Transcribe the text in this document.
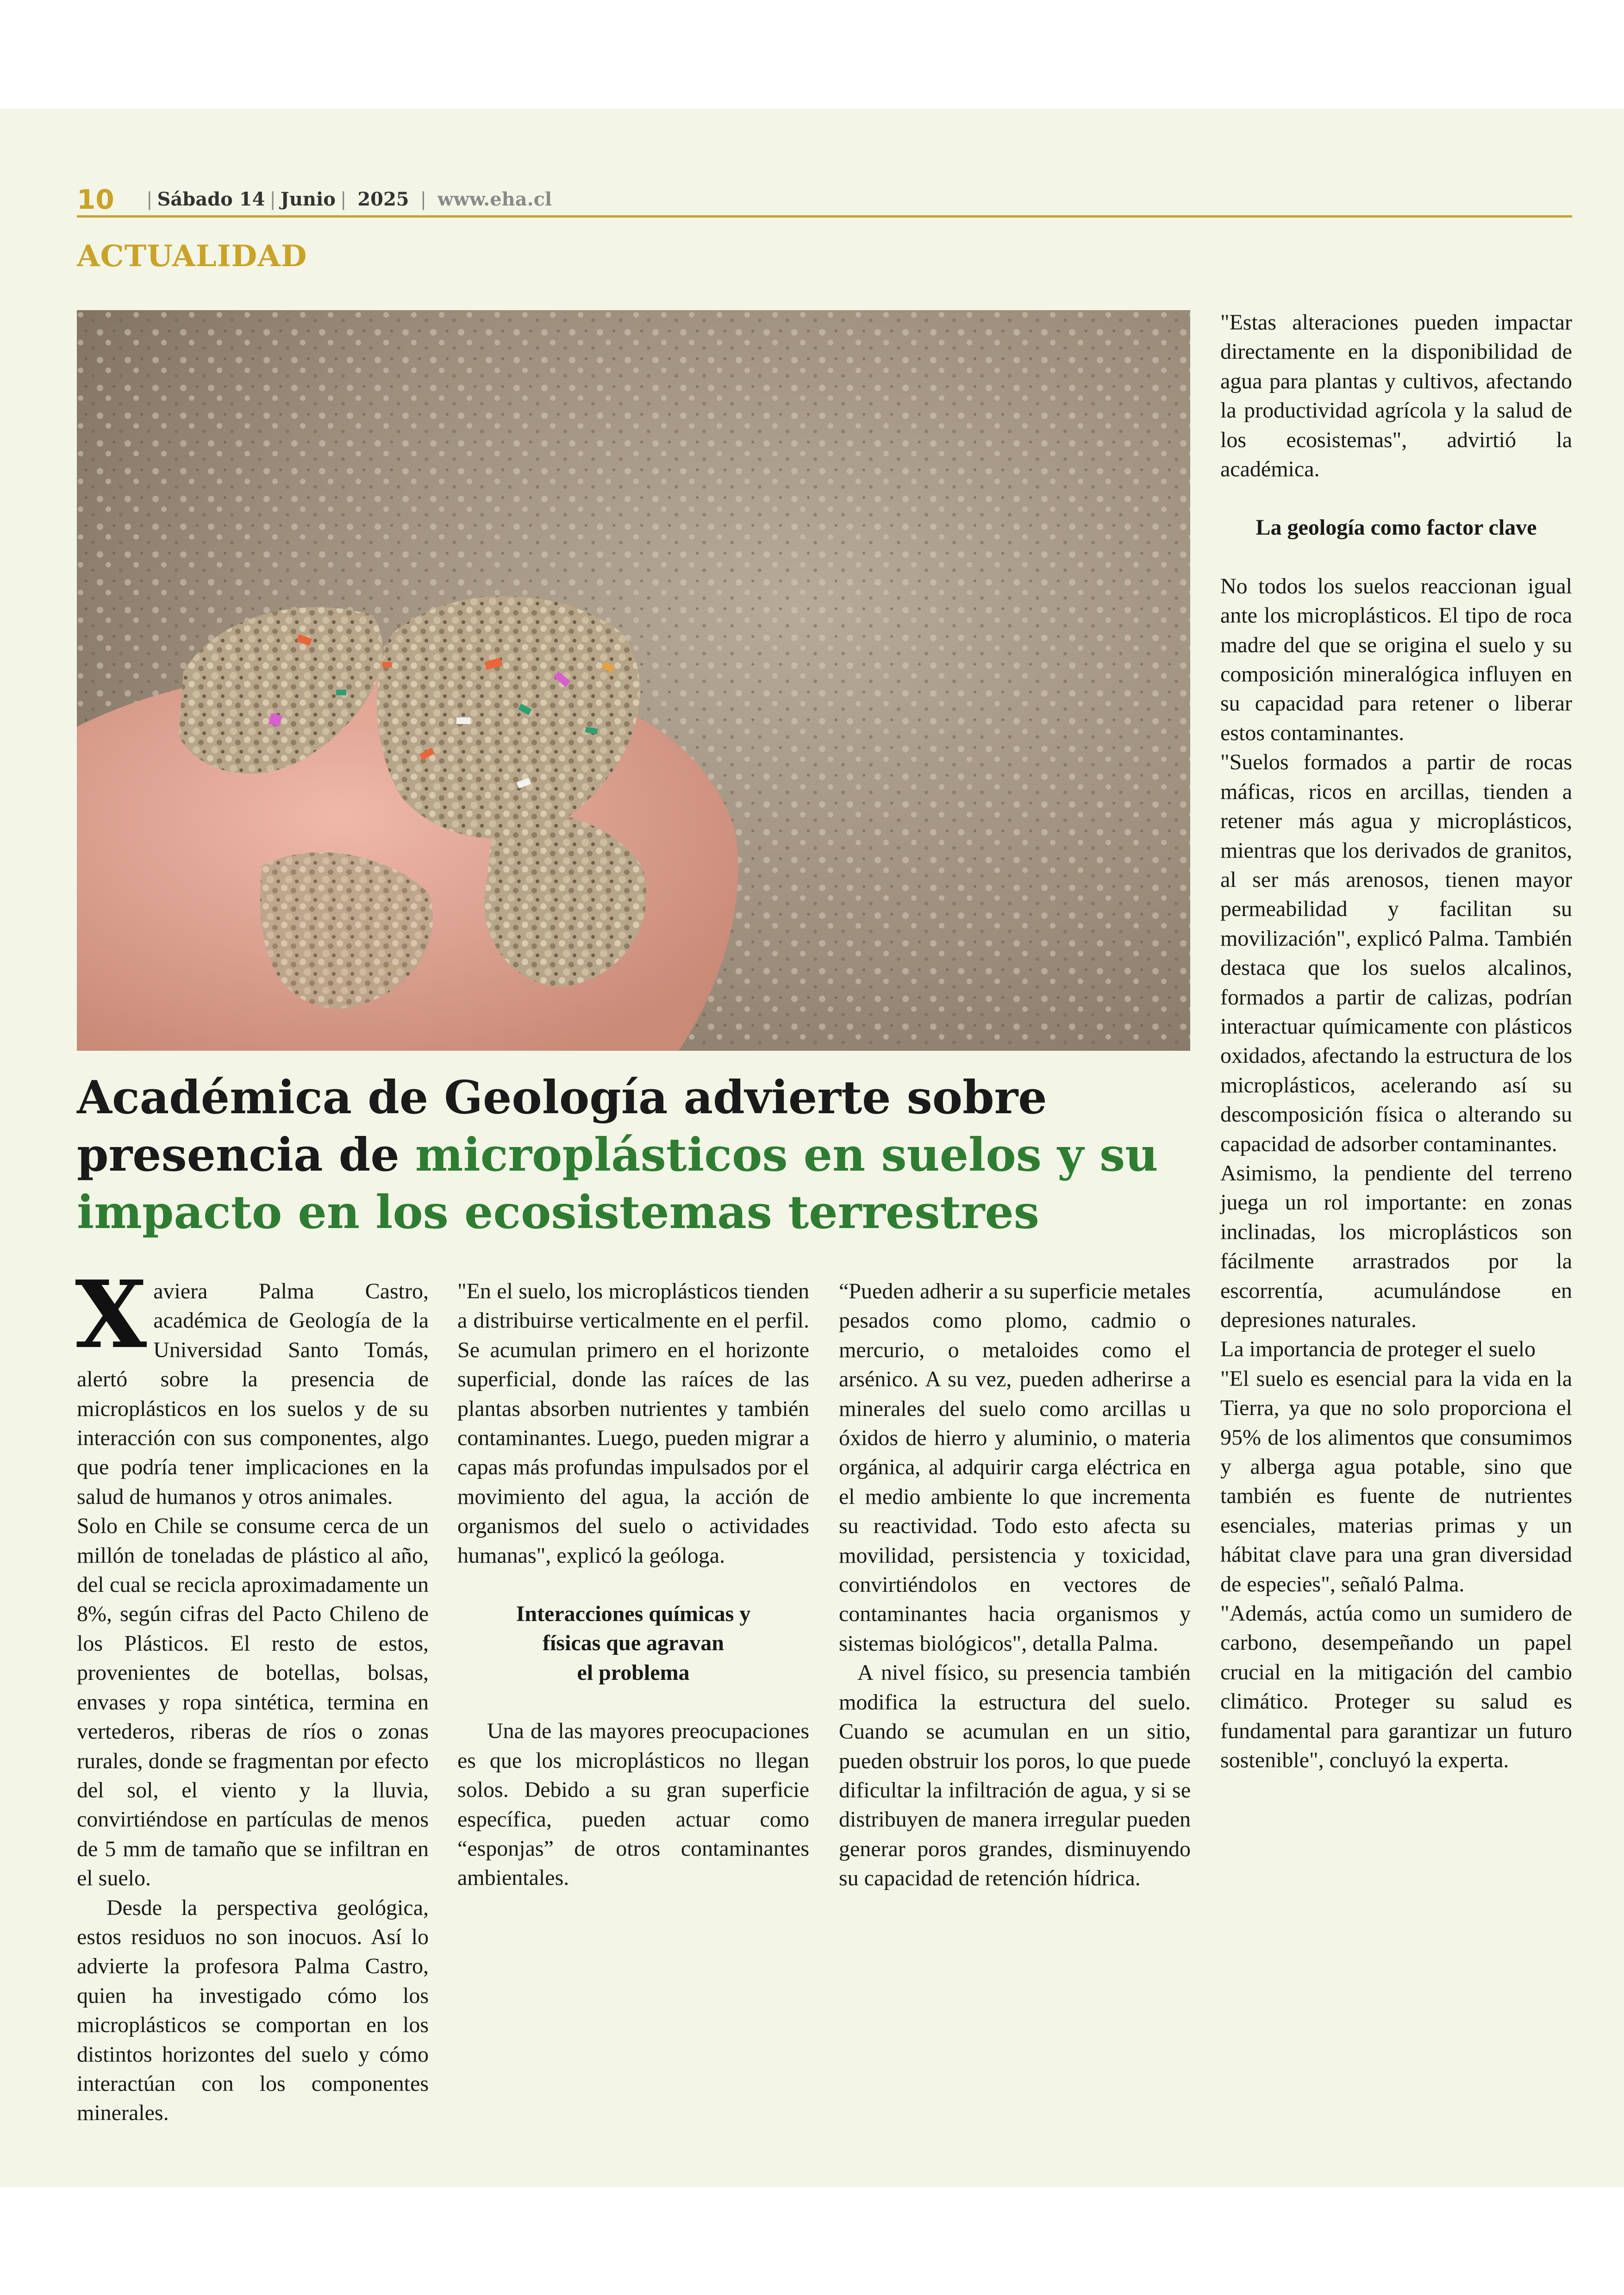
10 | Sábado 14 | Junio | 2025 | www.eha.cl
ACTUALIDAD
Académica de Geología advierte sobre presencia de microplásticos en suelos y su impacto en los ecosistemas terrestres

Xaviera Palma Castro, académica de Geología de la Universidad Santo Tomás, alertó sobre la presencia de microplásticos en los suelos y de su interacción con sus componentes, algo que podría tener implicaciones en la salud de humanos y otros animales.

Solo en Chile se consume cerca de un millón de toneladas de plástico al año, del cual se recicla aproximadamente un 8%, según cifras del Pacto Chileno de los Plásticos. El resto de estos, provenientes de botellas, bolsas, envases y ropa sintética, termina en vertederos, riberas de ríos o zonas rurales, donde se fragmentan por efecto del sol, el viento y la lluvia, convirtiéndose en partículas de menos de 5 mm de tamaño que se infiltran en el suelo.

Desde la perspectiva geológica, estos residuos no son inocuos. Así lo advierte la profesora Palma Castro, quien ha investigado cómo los microplásticos se comportan en los distintos horizontes del suelo y cómo interactúan con los componentes minerales.

"En el suelo, los microplásticos tienden a distribuirse verticalmente en el perfil. Se acumulan primero en el horizonte superficial, donde las raíces de las plantas absorben nutrientes y también contaminantes. Luego, pueden migrar a capas más profundas impulsados por el movimiento del agua, la acción de organismos del suelo o actividades humanas", explicó la geóloga.

Interacciones químicas y
físicas que agravan
el problema

Una de las mayores preocupaciones es que los microplásticos no llegan solos. Debido a su gran superficie específica, pueden actuar como “esponjas” de otros contaminantes ambientales.

“Pueden adherir a su superficie metales pesados como plomo, cadmio o mercurio, o metaloides como el arsénico. A su vez, pueden adherirse a minerales del suelo como arcillas u óxidos de hierro y aluminio, o materia orgánica, al adquirir carga eléctrica en el medio ambiente lo que incrementa su reactividad. Todo esto afecta su movilidad, persistencia y toxicidad, convirtiéndolos en vectores de contaminantes hacia organismos y sistemas biológicos", detalla Palma.

A nivel físico, su presencia también modifica la estructura del suelo. Cuando se acumulan en un sitio, pueden obstruir los poros, lo que puede dificultar la infiltración de agua, y si se distribuyen de manera irregular pueden generar poros grandes, disminuyendo su capacidad de retención hídrica.

"Estas alteraciones pueden impactar directamente en la disponibilidad de agua para plantas y cultivos, afectando la productividad agrícola y la salud de los ecosistemas", advirtió la académica.

La geología como factor clave

No todos los suelos reaccionan igual ante los microplásticos. El tipo de roca madre del que se origina el suelo y su composición mineralógica influyen en su capacidad para retener o liberar estos contaminantes.

"Suelos formados a partir de rocas máficas, ricos en arcillas, tienden a retener más agua y microplásticos, mientras que los derivados de granitos, al ser más arenosos, tienen mayor permeabilidad y facilitan su movilización", explicó Palma. También destaca que los suelos alcalinos, formados a partir de calizas, podrían interactuar químicamente con plásticos oxidados, afectando la estructura de los microplásticos, acelerando así su descomposición física o alterando su capacidad de adsorber contaminantes.

Asimismo, la pendiente del terreno juega un rol importante: en zonas inclinadas, los microplásticos son fácilmente arrastrados por la escorrentía, acumulándose en depresiones naturales.

La importancia de proteger el suelo

"El suelo es esencial para la vida en la Tierra, ya que no solo proporciona el 95% de los alimentos que consumimos y alberga agua potable, sino que también es fuente de nutrientes esenciales, materias primas y un hábitat clave para una gran diversidad de especies", señaló Palma.

"Además, actúa como un sumidero de carbono, desempeñando un papel crucial en la mitigación del cambio climático. Proteger su salud es fundamental para garantizar un futuro sostenible", concluyó la experta.
